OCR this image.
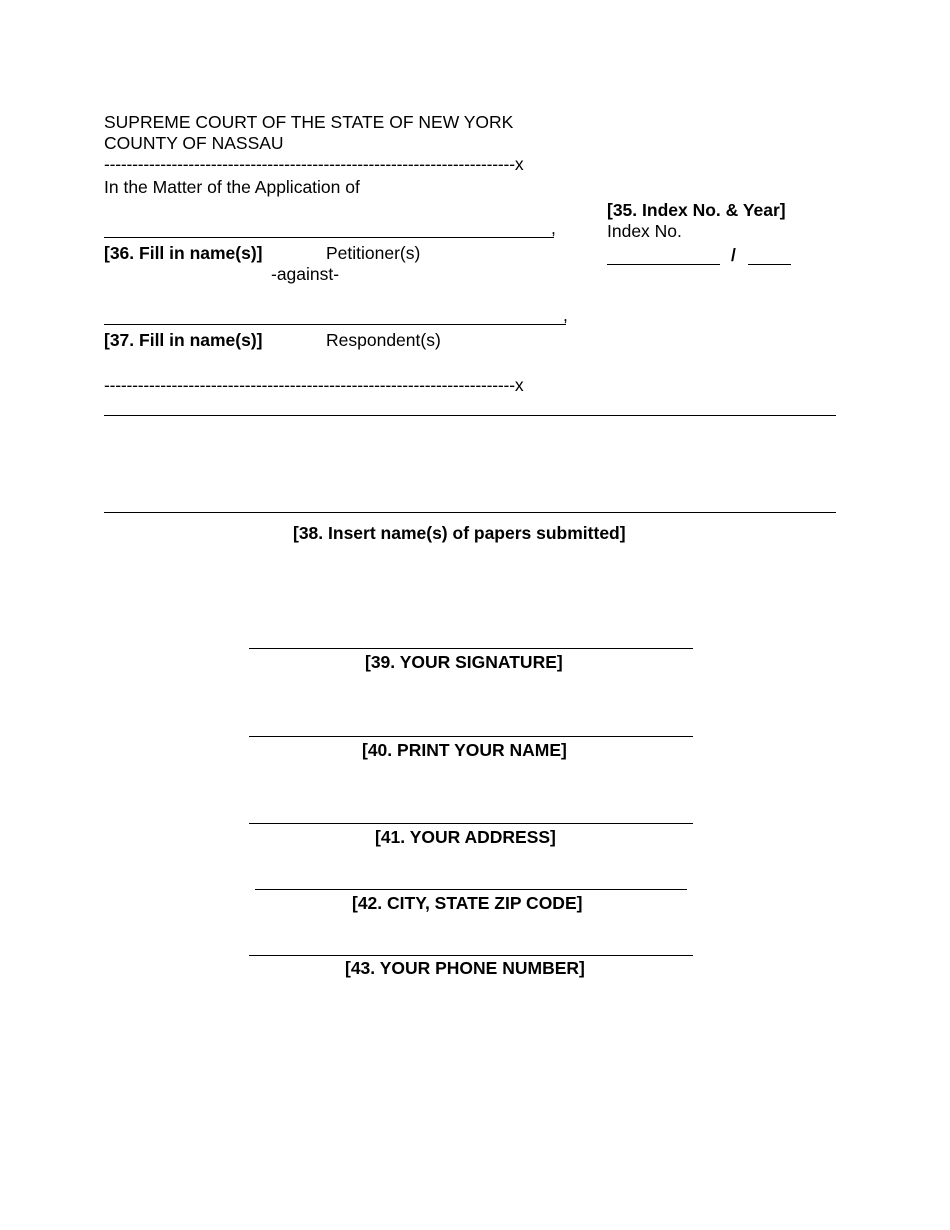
SUPREME COURT OF THE STATE OF NEW YORK
COUNTY OF NASSAU
-------------------------------------------------------------------------x
In the Matter of the Application of
,
[36. Fill in name(s)]	Petitioner(s)
-against-
,
[37. Fill in name(s)]	Respondent(s)
-------------------------------------------------------------------------x
[35. Index No. & Year]
Index No.
/
[38. Insert name(s) of papers submitted]
[39. YOUR SIGNATURE]
[40. PRINT YOUR NAME]
[41. YOUR ADDRESS]
[42. CITY, STATE ZIP CODE]
[43. YOUR PHONE NUMBER]
